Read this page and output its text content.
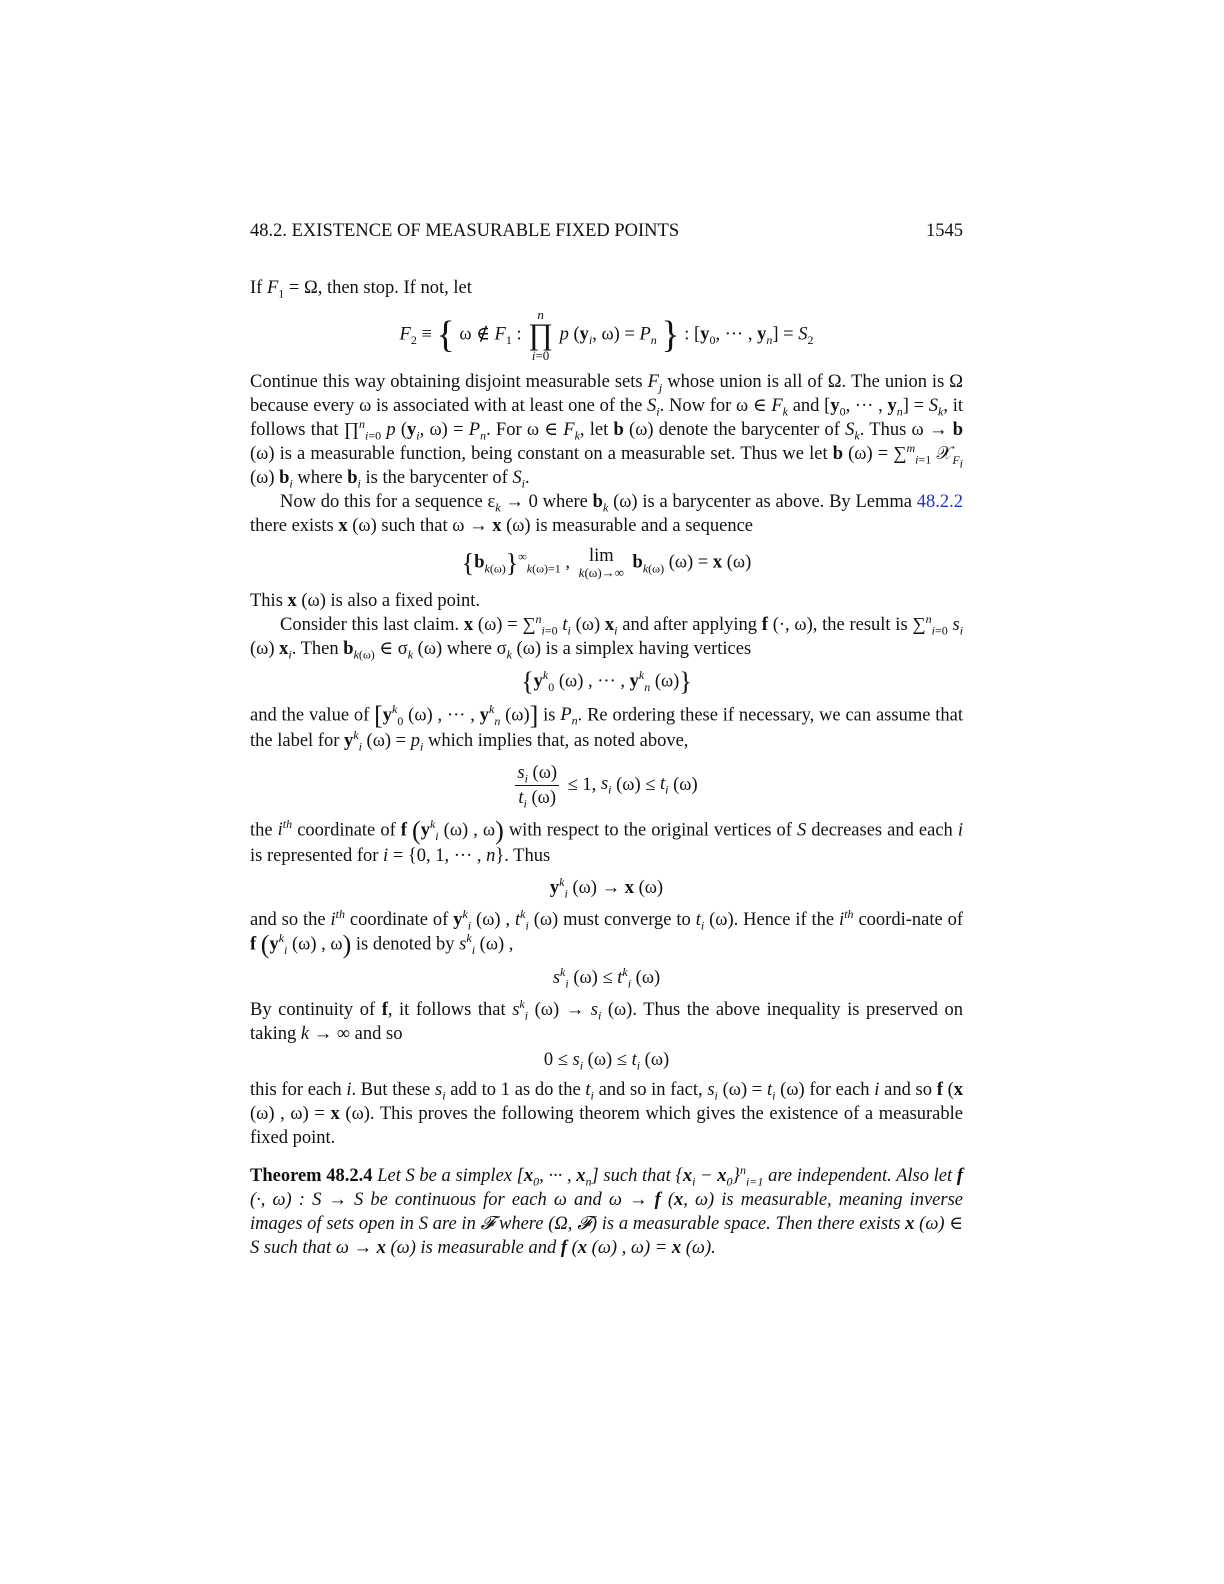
48.2. EXISTENCE OF MEASURABLE FIXED POINTS	1545

If $F_1 = \Omega$, then stop. If not, let

$F_2$ ≡ { ω ∉ $F_1$ : n
∏
i=0 p ($y_i$, $\omega) = P_n$ } : [$y_0$, ··· , $y_n] = S_2$

Continue this way obtaining disjoint measurable sets $F_j$ whose union is all of Ω. The union is Ω because every ω is associated with at least one of the $S_i$. Now for ω ∈ $F_k$ and [$y_0$, ··· , $y_n] = S_k$, it follows that ∏$^n_{i=0}$ p ($y_i$, $\omega) = P_n$. For ω ∈ $F_k$, let b (ω) denote the barycenter of $S_k$. Thus ω → b (ω) is a measurable function, being constant on a measurable set. Thus we let b (ω) = ∑$^m_{i=1}$ 𝒳$_{F_i}$ (ω) $b_i$ where $b_i$ is the barycenter of $S_i$.

Now do this for a sequence $\varepsilon_k \to 0$ where $b_k$ (ω) is a barycenter as above. By Lemma 48.2.2 there exists x (ω) such that ω → x (ω) is measurable and a sequence

$\{b_{k(\omega)}\}^\infty_{k(\omega)=1}$ , lim
k(ω)→∞
$b_{k(\omega)}$ (ω) = x (ω)

This x (ω) is also a fixed point.

Consider this last claim. x (ω) = ∑$^n_{i=0}$ $t_i$ (ω) $x_i$ and after applying f (·, ω), the result is ∑$^n_{i=0}$ $s_i$ (ω) $x_i$. Then $b_{k(\omega)}$ ∈ $\sigma_k$ (ω) where $\sigma_k$ (ω) is a simplex having vertices

{$y^k_0$ (ω) , ··· , $y^k_n$ (ω)}

and the value of [$y^k_0$ (ω) , ··· , $y^k_n$ (ω)] is $P_n$. Re ordering these if necessary, we can assume that the label for $y^k_i$ $(\omega) = p_i$ which implies that, as noted above,

$\frac{s_i (\omega)}{t_i (\omega)} \le 1$, $s_i$ $(\omega) \le t_i$ (ω)

the $i^{th}$ coordinate of f ($y^k_i$ (ω) , ω) with respect to the original vertices of S decreases and each i is represented for i = {0, 1, ··· , n}. Thus

$y^k_i$ (ω) → x (ω)

and so the $i^{th}$ coordinate of $y^k_i$ (ω) , $t^k_i$ (ω) must converge to $t_i$ (ω). Hence if the $i^{th}$ coordi-nate of f ($y^k_i$ (ω) , ω) is denoted by $s^k_i$ (ω) ,

$s^k_i$ $(\omega) \le t^k_i$ (ω)

By continuity of f, it follows that $s^k_i$ $(\omega) \to s_i$ (ω). Thus the above inequality is preserved on taking k → ∞ and so

$0 \le s_i$ $(\omega) \le t_i$ (ω)

this for each i. But these $s_i$ add to 1 as do the $t_i$ and so in fact, $s_i$ $(\omega) = t_i$ (ω) for each i and so f (x (ω) , ω) = x (ω). This proves the following theorem which gives the existence of a measurable fixed point.

Theorem 48.2.4 Let S be a simplex [$x_0$, ··· , $x_n$] such that $\{x_i - x_0\}^n_{i=1}$ are independent. Also let f (·, ω) : S → S be continuous for each ω and ω → f (x, ω) is measurable, meaning inverse images of sets open in S are in 𝓕 where (Ω, 𝓕) is a measurable space. Then there exists x (ω) ∈ S such that ω → x (ω) is measurable and f (x (ω) , ω) = x (ω).
